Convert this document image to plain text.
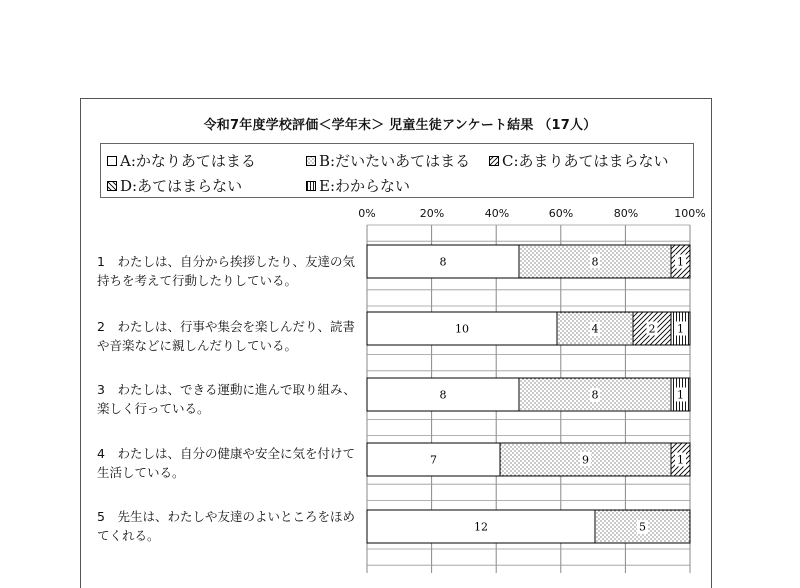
令和7年度学校評価＜学年末＞ 児童生徒アンケート結果 （17人）
A:かなりあてはまる	B:だいたいあてはまる C:あまりあてはまらない
D:あてはまらない	E:わからない
0%	20%	40%	60%	80%	100%
1　 わたしは、自分から挨拶したり、友達の気持ちを考えて行動したりしている。
2　 わたしは、行事や集会を楽しんだり、読書や音楽などに親しんだりしている。
3　 わたしは、できる運動に進んで取り組み、楽しく行っている。
4　 わたしは、自分の健康や安全に気を付けて生活している。
5　 先生は、わたしや友達のよいところをほめてくれる。
8	8	1
10	4	2 1
8	8	1
7	9	1
12	5
